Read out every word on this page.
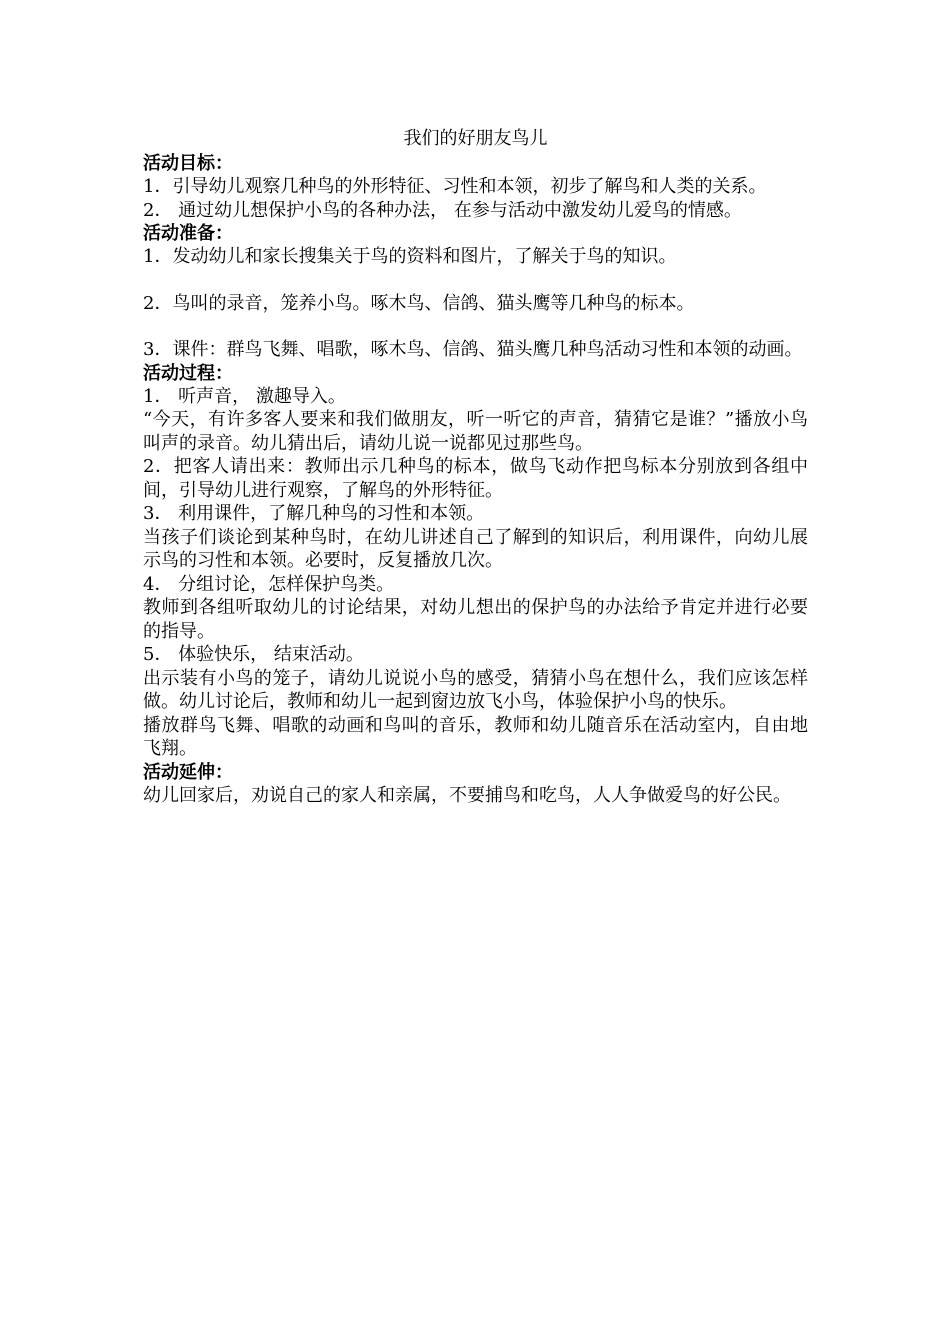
我们的好朋友鸟儿
活动目标：

1．引导幼儿观察几种鸟的外形特征、习性和本领，初步了解鸟和人类的关系。

2． 通过幼儿想保护小鸟的各种办法， 在参与活动中激发幼儿爱鸟的情感。

活动准备：

1．发动幼儿和家长搜集关于鸟的资料和图片，了解关于鸟的知识。

2．鸟叫的录音，笼养小鸟。啄木鸟、信鸽、猫头鹰等几种鸟的标本。

3．课件：群鸟飞舞、唱歌，啄木鸟、信鸽、猫头鹰几种鸟活动习性和本领的动画。

活动过程：

1． 听声音， 激趣导入。

“今天，有许多客人要来和我们做朋友，听一听它的声音，猜猜它是谁？”播放小鸟叫声的录音。幼儿猜出后，请幼儿说一说都见过那些鸟。

2．把客人请出来：教师出示几种鸟的标本，做鸟飞动作把鸟标本分别放到各组中间，引导幼儿进行观察，了解鸟的外形特征。

3． 利用课件，了解几种鸟的习性和本领。

当孩子们谈论到某种鸟时，在幼儿讲述自己了解到的知识后，利用课件，向幼儿展示鸟的习性和本领。必要时，反复播放几次。

4． 分组讨论，怎样保护鸟类。

教师到各组听取幼儿的讨论结果，对幼儿想出的保护鸟的办法给予肯定并进行必要的指导。

5． 体验快乐， 结束活动。

出示装有小鸟的笼子，请幼儿说说小鸟的感受，猜猜小鸟在想什么，我们应该怎样做。幼儿讨论后，教师和幼儿一起到窗边放飞小鸟，体验保护小鸟的快乐。

播放群鸟飞舞、唱歌的动画和鸟叫的音乐，教师和幼儿随音乐在活动室内，自由地飞翔。

活动延伸：

幼儿回家后，劝说自己的家人和亲属，不要捕鸟和吃鸟，人人争做爱鸟的好公民。
